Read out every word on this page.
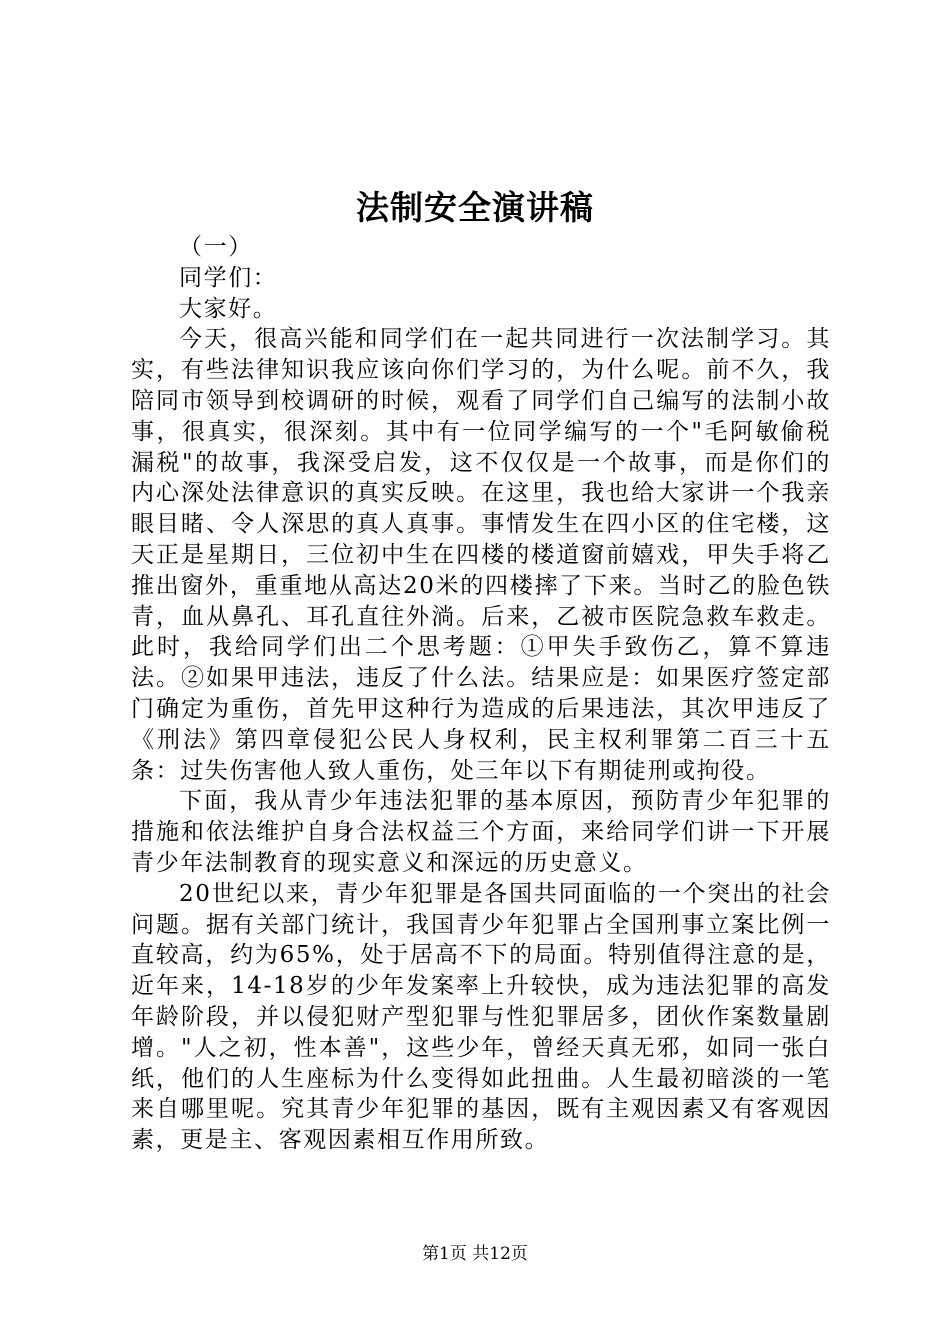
法制安全演讲稿

（一）

同学们：

大家好。

今天，很高兴能和同学们在一起共同进行一次法制学习。其实，有些法律知识我应该向你们学习的，为什么呢。前不久，我陪同市领导到校调研的时候，观看了同学们自己编写的法制小故事，很真实，很深刻。其中有一位同学编写的一个"毛阿敏偷税漏税"的故事，我深受启发，这不仅仅是一个故事，而是你们的内心深处法律意识的真实反映。在这里，我也给大家讲一个我亲眼目睹、令人深思的真人真事。事情发生在四小区的住宅楼，这天正是星期日，三位初中生在四楼的楼道窗前嬉戏，甲失手将乙推出窗外，重重地从高达20米的四楼摔了下来。当时乙的脸色铁青，血从鼻孔、耳孔直往外淌。后来，乙被市医院急救车救走。此时，我给同学们出二个思考题：①甲失手致伤乙，算不算违法。②如果甲违法，违反了什么法。结果应是：如果医疗签定部门确定为重伤，首先甲这种行为造成的后果违法，其次甲违反了《刑法》第四章侵犯公民人身权利，民主权利罪第二百三十五条：过失伤害他人致人重伤，处三年以下有期徒刑或拘役。

下面，我从青少年违法犯罪的基本原因，预防青少年犯罪的措施和依法维护自身合法权益三个方面，来给同学们讲一下开展青少年法制教育的现实意义和深远的历史意义。

20世纪以来，青少年犯罪是各国共同面临的一个突出的社会问题。据有关部门统计，我国青少年犯罪占全国刑事立案比例一直较高，约为65%，处于居高不下的局面。特别值得注意的是，近年来，14-18岁的少年发案率上升较快，成为违法犯罪的高发年龄阶段，并以侵犯财产型犯罪与性犯罪居多，团伙作案数量剧增。"人之初，性本善"，这些少年，曾经天真无邪，如同一张白纸，他们的人生座标为什么变得如此扭曲。人生最初暗淡的一笔来自哪里呢。究其青少年犯罪的基因，既有主观因素又有客观因素，更是主、客观因素相互作用所致。

第1页 共12页
